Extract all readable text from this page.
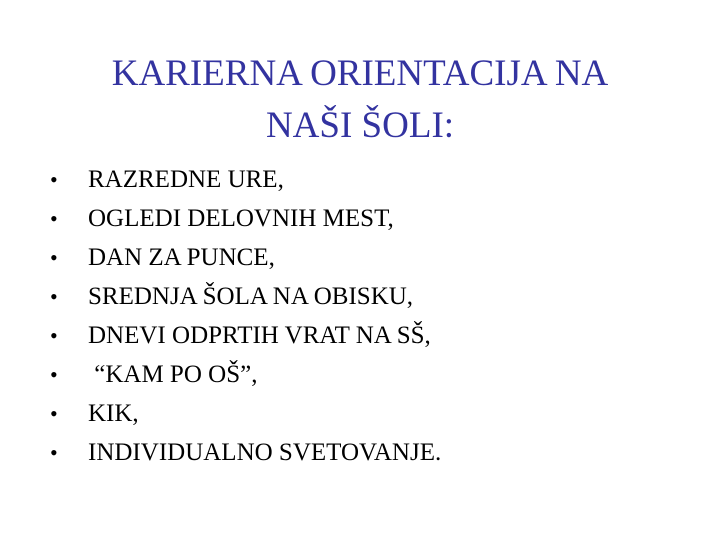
KARIERNA ORIENTACIJA NA
NAŠI ŠOLI:
•	RAZREDNE URE,
•	OGLEDI DELOVNIH MEST,
•	DAN ZA PUNCE,
•	SREDNJA ŠOLA NA OBISKU,
•	DNEVI ODPRTIH VRAT NA SŠ,
•	“KAM PO OŠ”,
•	KIK,
•	INDIVIDUALNO SVETOVANJE.
